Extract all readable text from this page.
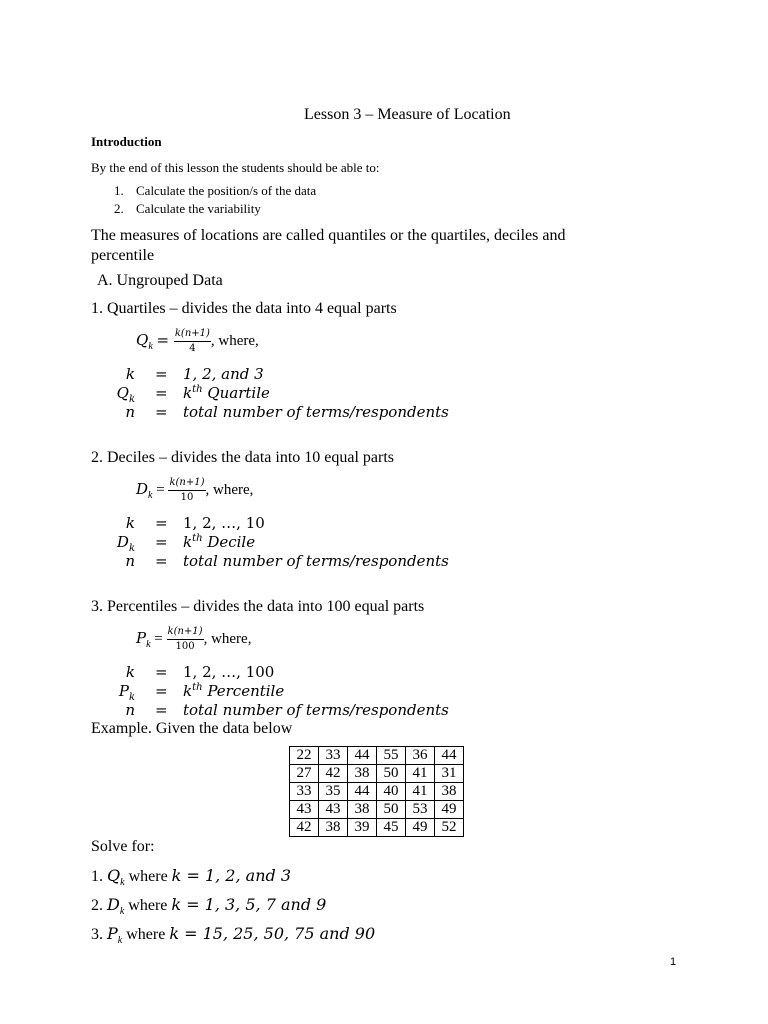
Lesson 3 – Measure of Location
Introduction
By the end of this lesson the students should be able to:
1. Calculate the position/s of the data
2. Calculate the variability
The measures of locations are called quantiles or the quartiles, deciles and percentile
A. Ungrouped Data
1. Quartiles – divides the data into 4 equal parts
$Q_k = \frac{k(n+1)}{4}$ , where,
k = 1, 2, and 3
$Q_k = k^{th}$ Quartile
n = total number of terms/respondents
2. Deciles – divides the data into 10 equal parts
$D_k = \frac{k(n+1)}{10}$ , where,
k = 1, 2, …, 10
$D_k = k^{th}$ Decile
n = total number of terms/respondents
3. Percentiles – divides the data into 100 equal parts
$P_k = \frac{k(n+1)}{100}$ , where,
k = 1, 2, …, 100
$P_k = k^{th}$ Percentile
n = total number of terms/respondents
Example. Given the data below
22	33	44	55	36	44
27	42	38	50	41	31
33	35	44	40	41	38
43	43	38	50	53	49
42	38	39	45	49	52
Solve for:
1. $Q_k$ where k = 1, 2, and 3
2. $D_k$ where k = 1, 3, 5, 7 and 9
3. $P_k$ where k = 15, 25, 50, 75 and 90
1
